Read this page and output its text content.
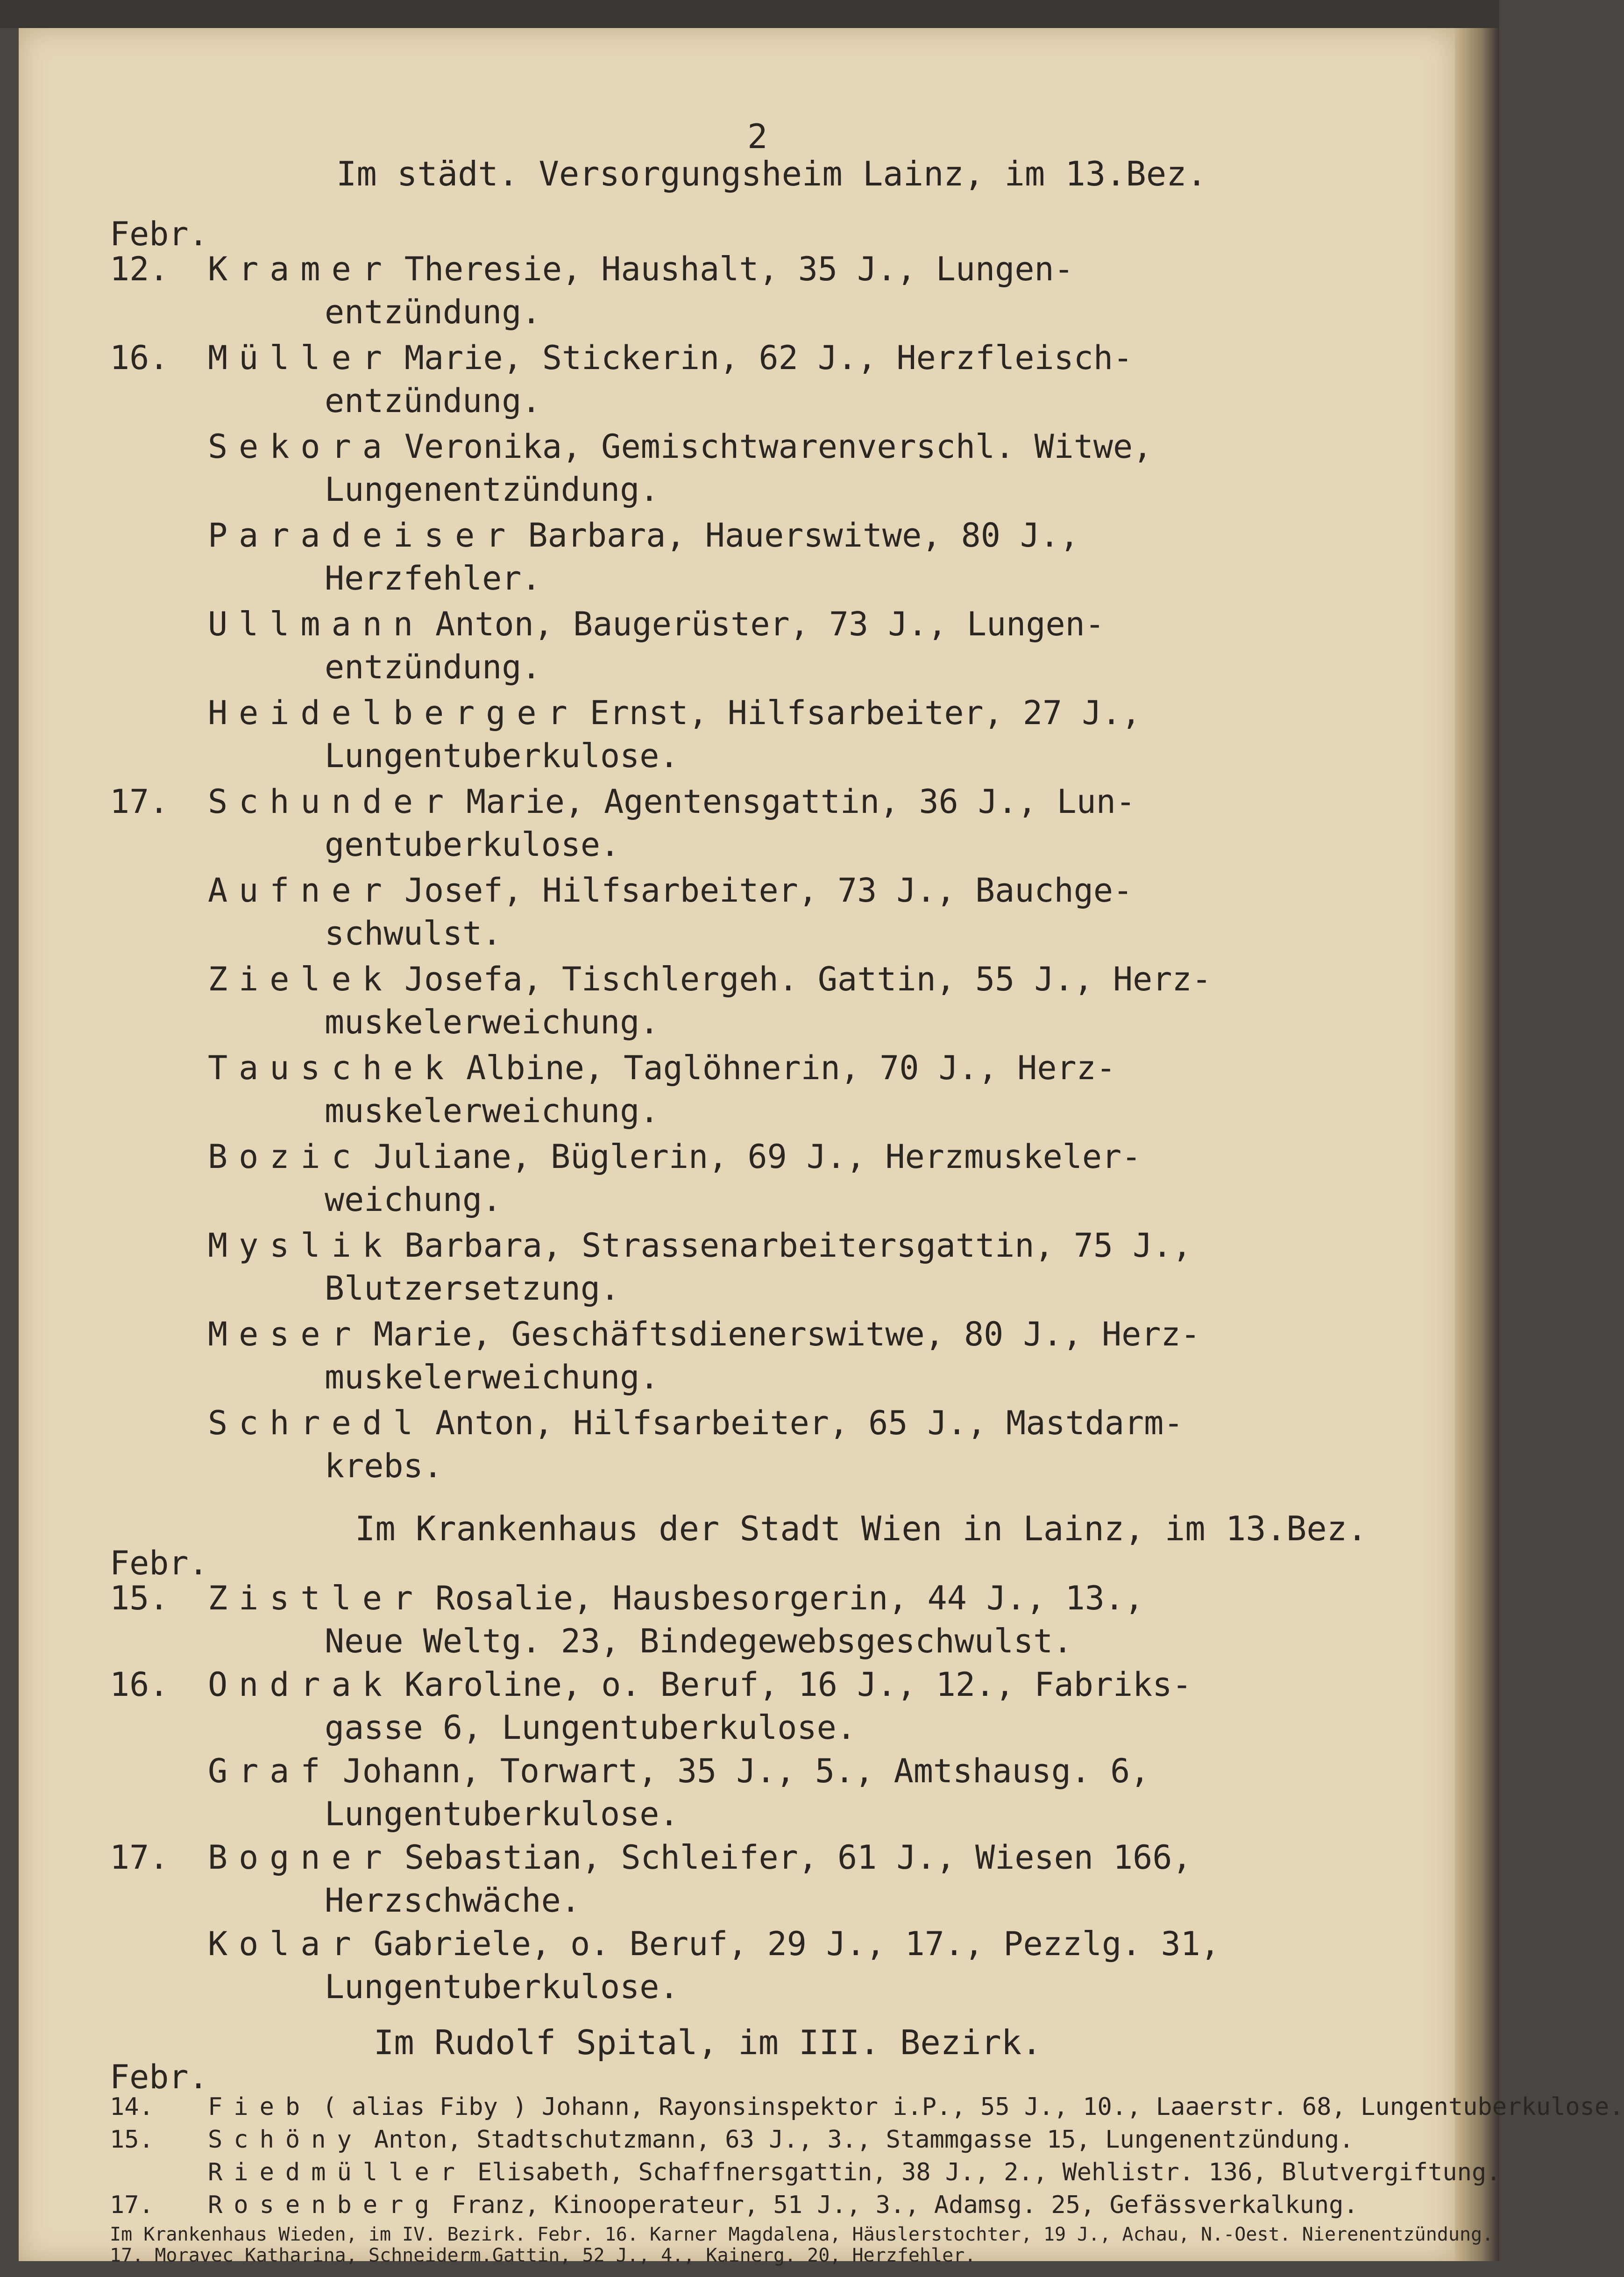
2
Im städt. Versorgungsheim Lainz, im 13.Bez.
Febr.
12. Kramer Theresie, Haushalt, 35 J., Lungen-
entzündung.
16. Müller Marie, Stickerin, 62 J., Herzfleisch-
entzündung.
Sekora Veronika, Gemischtwarenverschl. Witwe,
Lungenentzündung.
Paradeiser Barbara, Hauerswitwe, 80 J.,
Herzfehler.
Ullmann Anton, Baugerüster, 73 J., Lungen-
entzündung.
Heidelberger Ernst, Hilfsarbeiter, 27 J.,
Lungentuberkulose.
17. Schunder Marie, Agentensgattin, 36 J., Lun-
gentuberkulose.
Aufner Josef, Hilfsarbeiter, 73 J., Bauchge-
schwulst.
Zielek Josefa, Tischlergeh. Gattin, 55 J., Herz-
muskelerweichung.
Tauschek Albine, Taglöhnerin, 70 J., Herz-
muskelerweichung.
Bozic Juliane, Büglerin, 69 J., Herzmuskeler-
weichung.
Myslik Barbara, Strassenarbeitersgattin, 75 J.,
Blutzersetzung.
Meser Marie, Geschäftsdienerswitwe, 80 J., Herz-
muskelerweichung.
Schredl Anton, Hilfsarbeiter, 65 J., Mastdarm-
krebs.
Im Krankenhaus der Stadt Wien in Lainz, im 13.Bez.
Febr.
15. Zistler Rosalie, Hausbesorgerin, 44 J., 13.,
Neue Weltg. 23, Bindegewebsgeschwulst.
16. Ondrak Karoline, o. Beruf, 16 J., 12., Fabriks-
gasse 6, Lungentuberkulose.
Graf Johann, Torwart, 35 J., 5., Amtshausg. 6,
Lungentuberkulose.
17. Bogner Sebastian, Schleifer, 61 J., Wiesen 166,
Herzschwäche.
Kolar Gabriele, o. Beruf, 29 J., 17., Pezzlg. 31,
Lungentuberkulose.
Im Rudolf Spital, im III. Bezirk.
Febr.
14. Fieb ( alias Fiby ) Johann, Rayonsinspektor i.P., 55 J., 10., Laaerstr. 68, Lungentuberkulose.
15. Schöny Anton, Stadtschutzmann, 63 J., 3., Stammgasse 15, Lungenentzündung.
Riedmüller Elisabeth, Schaffnersgattin, 38 J., 2., Wehlistr. 136, Blutvergiftung.
17. Rosenberg Franz, Kinooperateur, 51 J., 3., Adamsg. 25, Gefässverkalkung.
Im Krankenhaus Wieden, im IV. Bezirk. Febr. 16. Karner Magdalena, Häuslerstochter, 19 J., Achau, N.-Oest. Nierenentzündung.
17. Moravec Katharina, Schneiderm.Gattin, 52 J., 4., Kainerg. 20, Herzfehler.
